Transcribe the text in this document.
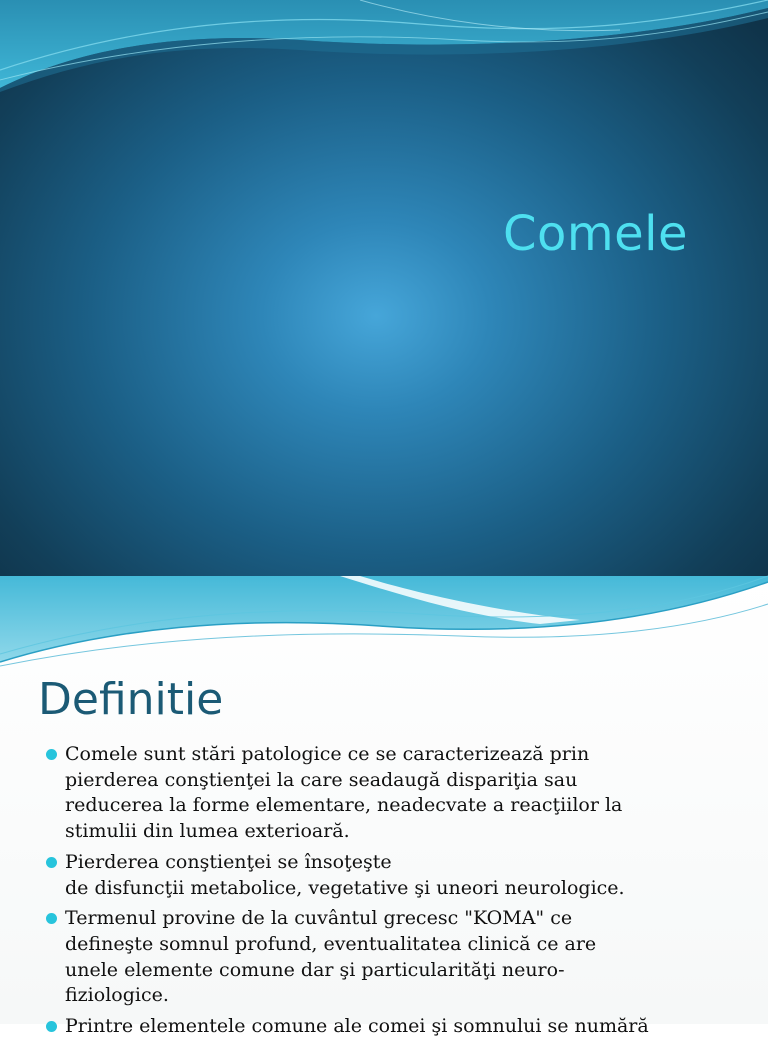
Comele
Definitie
Comele sunt stări patologice ce se caracterizează prin
pierderea conştienţei la care seadaugă dispariţia sau
reducerea la forme elementare, neadecvate a reacţiilor la
stimulii din lumea exterioară.
Pierderea conştienţei se însoţeşte
de disfuncţii metabolice, vegetative şi uneori neurologice.
Termenul provine de la cuvântul grecesc "KOMA" ce
defineşte somnul profund, eventualitatea clinică ce are
unele elemente comune dar şi particularităţi neuro-
fiziologice.
Printre elementele comune ale comei şi somnului se numără
